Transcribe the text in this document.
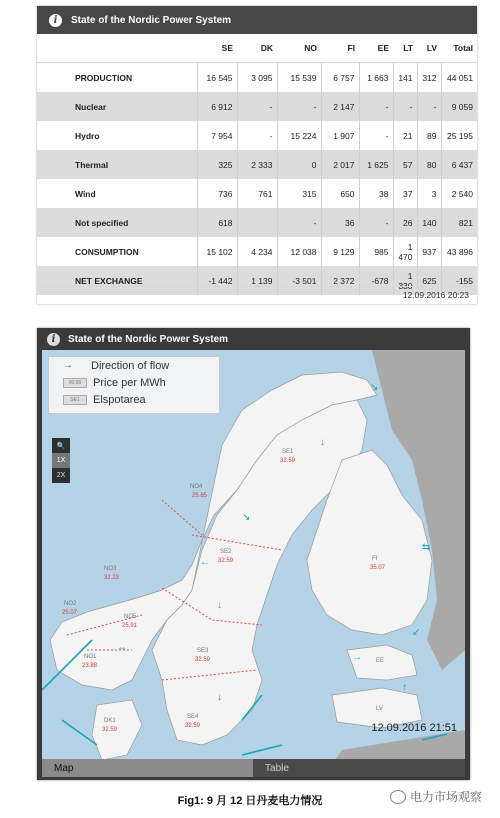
i	State of the Nordic Power System
	SE	DK	NO	FI	EE	LT	LV	Total
PRODUCTION	16 545	3 095	15 539	6 757	1 663	141	312	44 051
Nuclear	6 912	-	-	2 147	-	-	-	9 059
Hydro	7 954	-	15 224	1 907	-	21	89	25 195
Thermal	325	2 333	0	2 017	1 625	57	80	6 437
Wind	736	761	315	650	38	37	3	2 540
Not specified	618		-	36	-	26	140	821
CONSUMPTION	15 102	4 234	12 038	9 129	985	1 470	937	43 896
NET EXCHANGE	-1 442	1 139	-3 501	2 372	-678	1 330	625	-155
12.09.2016 20:23
i	State of the Nordic Power System
↘
↓
⇆
↘
←
↓
↙
→
↑
↓
↔
SE1
32.59
NO4
25.85
SE2
32.59	FI
35.07
NO3
32.23
NO5
25.91
NO1
23.88
SE3
32.59	EE
LV
DK1
32.59
SE4
32.59
NO2
25.07
→	Direction of flow
00.00	Price per MWh
SE1	Elspotarea
🔍
1X
2X
12.09.2016 21:51
Map	Table
Fig1: 9 月 12 日丹麦电力情况	◌ 电力市场观察
